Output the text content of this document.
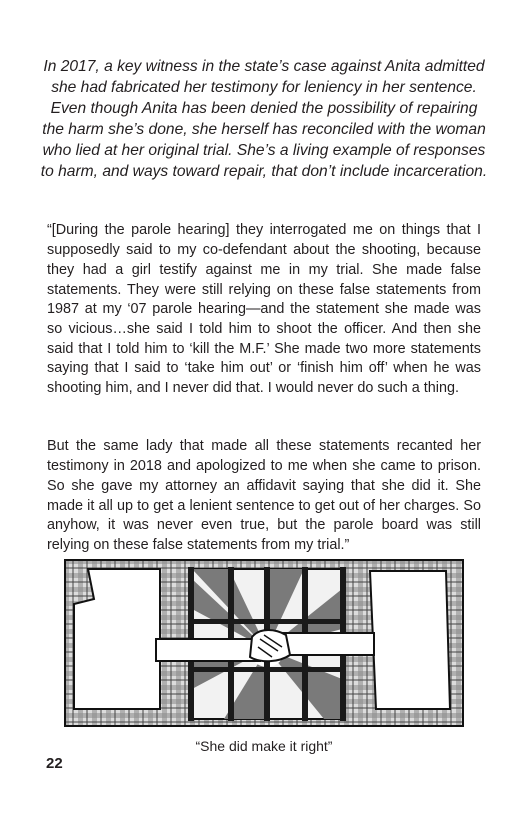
In 2017, a key witness in the state’s case against Anita admitted she had fabricated her testimony for leniency in her sentence. Even though Anita has been denied the possibility of repairing the harm she’s done, she herself has reconciled with the woman who lied at her original trial. She’s a living example of responses to harm, and ways toward repair, that don’t include incarceration.

“[During the parole hearing] they interrogated me on things that I supposedly said to my co-defendant about the shooting, because they had a girl testify against me in my trial. She made false statements. They were still relying on these false statements from 1987 at my ‘07 parole hearing—and the statement she made was so vicious…she said I told him to shoot the officer. And then she said that I told him to ‘kill the M.F.’ She made two more statements saying that I said to ‘take him out’ or ‘finish him off’ when he was shooting him, and I never did that. I would never do such a thing.

But the same lady that made all these statements recanted her testimony in 2018 and apologized to me when she came to prison. So she gave my attorney an affidavit saying that she did it. She made it all up to get a lenient sentence to get out of her charges. So anyhow, it was never even true, but the parole board was still relying on these false statements from my trial.”

“She did make it right”
22
